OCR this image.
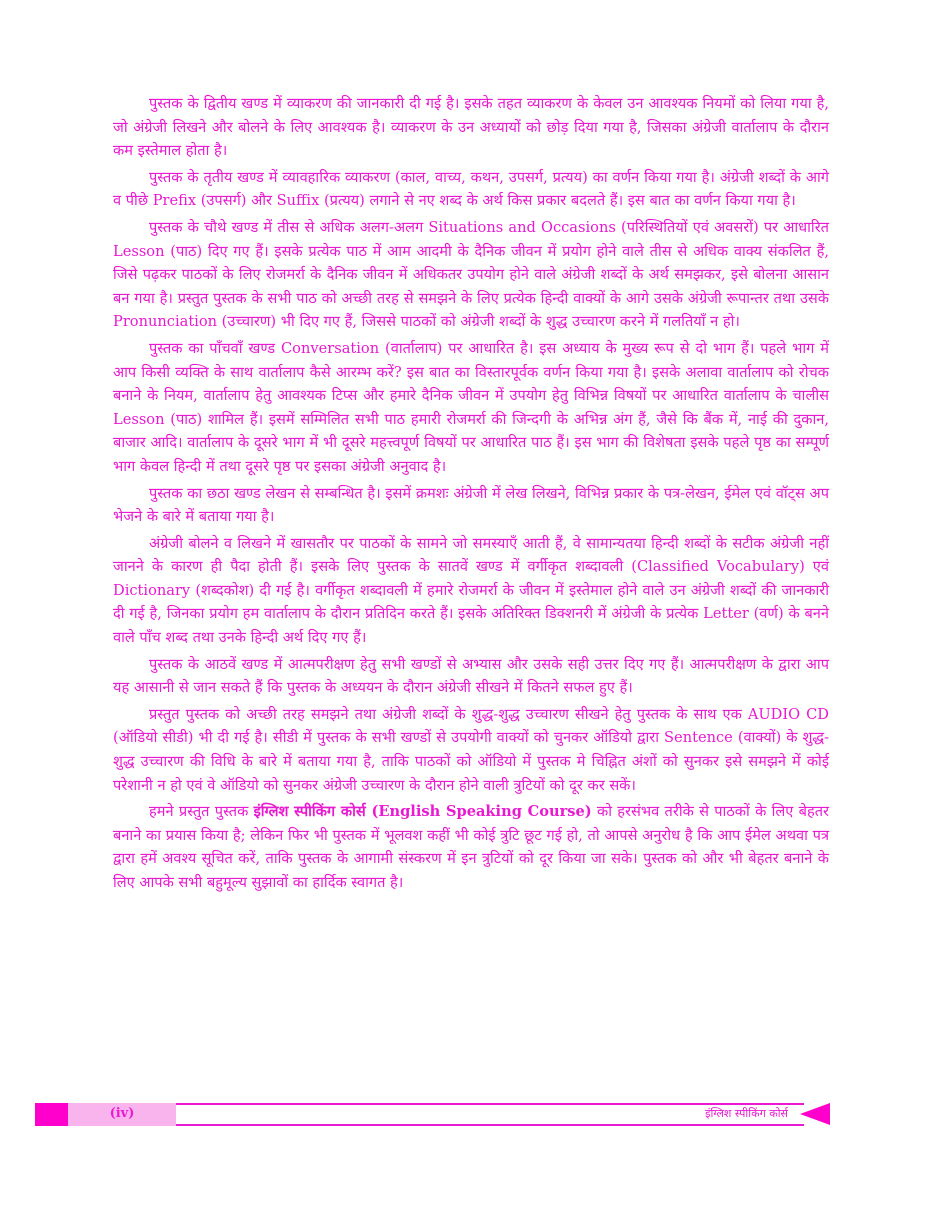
पुस्तक के द्वितीय खण्ड में व्याकरण की जानकारी दी गई है। इसके तहत व्याकरण के केवल उन आवश्यक नियमों को लिया गया है, जो अंग्रेजी लिखने और बोलने के लिए आवश्यक है। व्याकरण के उन अध्यायों को छोड़ दिया गया है, जिसका अंग्रेजी वार्तालाप के दौरान कम इस्तेमाल होता है।

पुस्तक के तृतीय खण्ड में व्यावहारिक व्याकरण (काल, वाच्य, कथन, उपसर्ग, प्रत्यय) का वर्णन किया गया है। अंग्रेजी शब्दों के आगे व पीछे Prefix (उपसर्ग) और Suffix (प्रत्यय) लगाने से नए शब्द के अर्थ किस प्रकार बदलते हैं। इस बात का वर्णन किया गया है।

पुस्तक के चौथे खण्ड में तीस से अधिक अलग-अलग Situations and Occasions (परिस्थितियों एवं अवसरों) पर आधारित Lesson (पाठ) दिए गए हैं। इसके प्रत्येक पाठ में आम आदमी के दैनिक जीवन में प्रयोग होने वाले तीस से अधिक वाक्य संकलित हैं, जिसे पढ़कर पाठकों के लिए रोजमर्रा के दैनिक जीवन में अधिकतर उपयोग होने वाले अंग्रेजी शब्दों के अर्थ समझकर, इसे बोलना आसान बन गया है। प्रस्तुत पुस्तक के सभी पाठ को अच्छी तरह से समझने के लिए प्रत्येक हिन्दी वाक्यों के आगे उसके अंग्रेजी रूपान्तर तथा उसके Pronunciation (उच्चारण) भी दिए गए हैं, जिससे पाठकों को अंग्रेजी शब्दों के शुद्ध उच्चारण करने में गलतियाँ न हो।

पुस्तक का पाँचवाँ खण्ड Conversation (वार्तालाप) पर आधारित है। इस अध्याय के मुख्य रूप से दो भाग हैं। पहले भाग में आप किसी व्यक्ति के साथ वार्तालाप कैसे आरम्भ करें? इस बात का विस्तारपूर्वक वर्णन किया गया है। इसके अलावा वार्तालाप को रोचक बनाने के नियम, वार्तालाप हेतु आवश्यक टिप्स और हमारे दैनिक जीवन में उपयोग हेतु विभिन्न विषयों पर आधारित वार्तालाप के चालीस Lesson (पाठ) शामिल हैं। इसमें सम्मिलित सभी पाठ हमारी रोजमर्रा की जिन्दगी के अभिन्न अंग हैं, जैसे कि बैंक में, नाई की दुकान, बाजार आदि। वार्तालाप के दूसरे भाग में भी दूसरे महत्त्वपूर्ण विषयों पर आधारित पाठ हैं। इस भाग की विशेषता इसके पहले पृष्ठ का सम्पूर्ण भाग केवल हिन्दी में तथा दूसरे पृष्ठ पर इसका अंग्रेजी अनुवाद है।

पुस्तक का छठा खण्ड लेखन से सम्बन्धित है। इसमें क्रमशः अंग्रेजी में लेख लिखने, विभिन्न प्रकार के पत्र-लेखन, ईमेल एवं वॉट्स अप भेजने के बारे में बताया गया है।

अंग्रेजी बोलने व लिखने में खासतौर पर पाठकों के सामने जो समस्याएँ आती हैं, वे सामान्यतया हिन्दी शब्दों के सटीक अंग्रेजी नहीं जानने के कारण ही पैदा होती हैं। इसके लिए पुस्तक के सातवें खण्ड में वर्गीकृत शब्दावली (Classified Vocabulary) एवं Dictionary (शब्दकोश) दी गई है। वर्गीकृत शब्दावली में हमारे रोजमर्रा के जीवन में इस्तेमाल होने वाले उन अंग्रेजी शब्दों की जानकारी दी गई है, जिनका प्रयोग हम वार्तालाप के दौरान प्रतिदिन करते हैं। इसके अतिरिक्त डिक्शनरी में अंग्रेजी के प्रत्येक Letter (वर्ण) के बनने वाले पाँच शब्द तथा उनके हिन्दी अर्थ दिए गए हैं।

पुस्तक के आठवें खण्ड में आत्मपरीक्षण हेतु सभी खण्डों से अभ्यास और उसके सही उत्तर दिए गए हैं। आत्मपरीक्षण के द्वारा आप यह आसानी से जान सकते हैं कि पुस्तक के अध्ययन के दौरान अंग्रेजी सीखने में कितने सफल हुए हैं।

प्रस्तुत पुस्तक को अच्छी तरह समझने तथा अंग्रेजी शब्दों के शुद्ध-शुद्ध उच्चारण सीखने हेतु पुस्तक के साथ एक AUDIO CD (ऑडियो सीडी) भी दी गई है। सीडी में पुस्तक के सभी खण्डों से उपयोगी वाक्यों को चुनकर ऑडियो द्वारा Sentence (वाक्यों) के शुद्ध-शुद्ध उच्चारण की विधि के बारे में बताया गया है, ताकि पाठकों को ऑडियो में पुस्तक मे चिह्नित अंशों को सुनकर इसे समझने में कोई परेशानी न हो एवं वे ऑडियो को सुनकर अंग्रेजी उच्चारण के दौरान होने वाली त्रुटियों को दूर कर सकें।

हमने प्रस्तुत पुस्तक इंग्लिश स्पीकिंग कोर्स (English Speaking Course) को हरसंभव तरीके से पाठकों के लिए बेहतर बनाने का प्रयास किया है; लेकिन फिर भी पुस्तक में भूलवश कहीं भी कोई त्रुटि छूट गई हो, तो आपसे अनुरोध है कि आप ईमेल अथवा पत्र द्वारा हमें अवश्य सूचित करें, ताकि पुस्तक के आगामी संस्करण में इन त्रुटियों को दूर किया जा सके। पुस्तक को और भी बेहतर बनाने के लिए आपके सभी बहुमूल्य सुझावों का हार्दिक स्वागत है।

(iv)	इंग्लिश स्पीकिंग कोर्स
